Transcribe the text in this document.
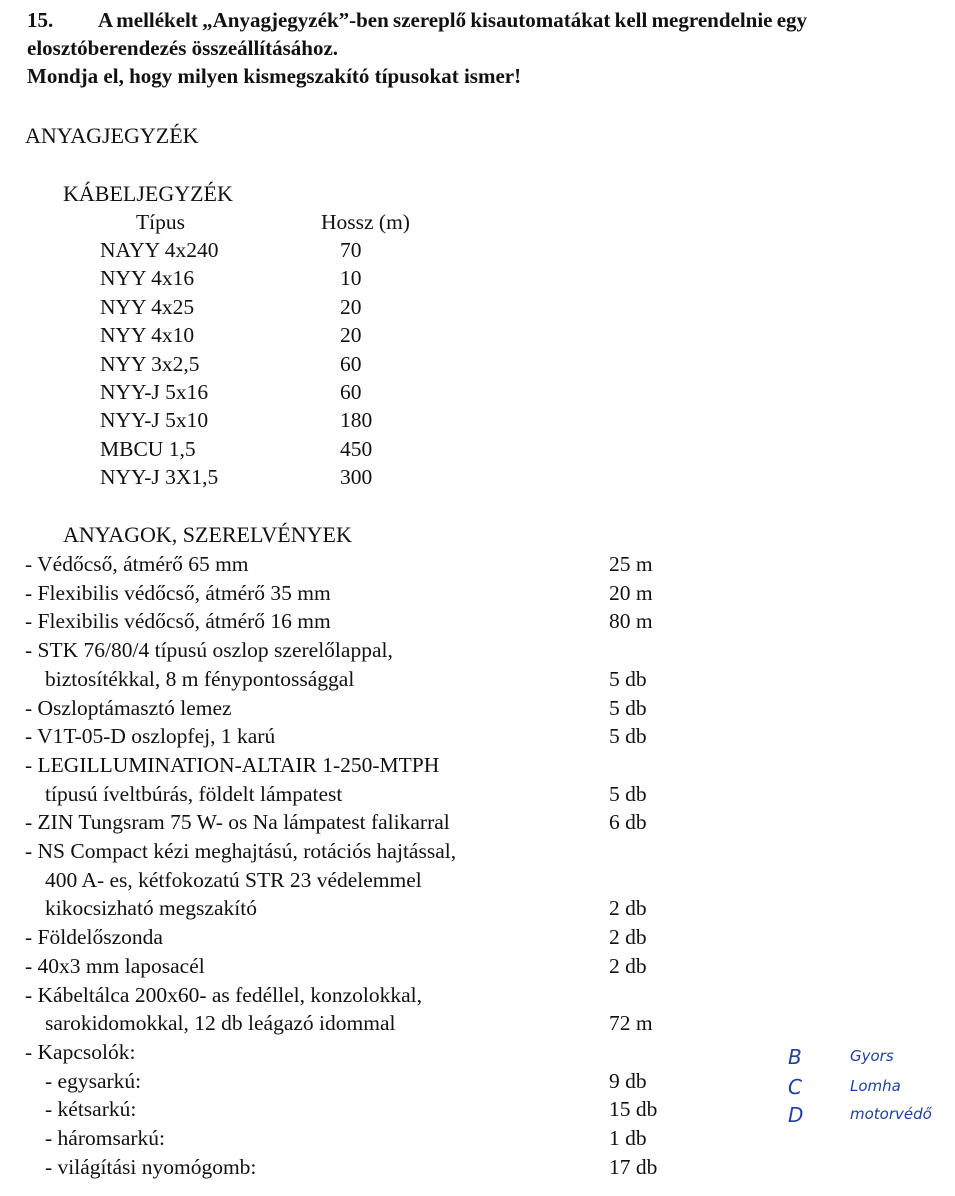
15. A mellékelt „Anyagjegyzék”-ben szereplő kisautomatákat kell megrendelnie egy
elosztóberendezés összeállításához.
Mondja el, hogy milyen kismegszakító típusokat ismer!
ANYAGJEGYZÉK
KÁBELJEGYZÉK
Típus	Hossz (m)
NAYY 4x240	70
NYY 4x16	10
NYY 4x25	20
NYY 4x10	20
NYY 3x2,5	60
NYY-J 5x16	60
NYY-J 5x10	180
MBCU 1,5	450
NYY-J 3X1,5	300
ANYAGOK, SZERELVÉNYEK
- Védőcső, átmérő 65 mm	25 m
- Flexibilis védőcső, átmérő 35 mm	20 m
- Flexibilis védőcső, átmérő 16 mm	80 m
- STK 76/80/4 típusú oszlop szerelőlappal,
biztosítékkal, 8 m fénypontossággal	5 db
- Oszloptámasztó lemez	5 db
- V1T-05-D oszlopfej, 1 karú	5 db
- LEGILLUMINATION-ALTAIR 1-250-MTPH
típusú íveltbúrás, földelt lámpatest	5 db
- ZIN Tungsram 75 W- os Na lámpatest falikarral	6 db
- NS Compact kézi meghajtású, rotációs hajtással,
400 A- es, kétfokozatú STR 23 védelemmel
kikocsizható megszakító	2 db
- Földelőszonda	2 db
- 40x3 mm laposacél	2 db
- Kábeltálca 200x60- as fedéllel, konzolokkal,
sarokidomokkal, 12 db leágazó idommal	72 m
- Kapcsolók:
- egysarkú:	9 db
- kétsarkú:	15 db
- háromsarkú:	1 db
- világítási nyomógomb:	17 db
B	Gyors
C	Lomha
D	motorvédő
